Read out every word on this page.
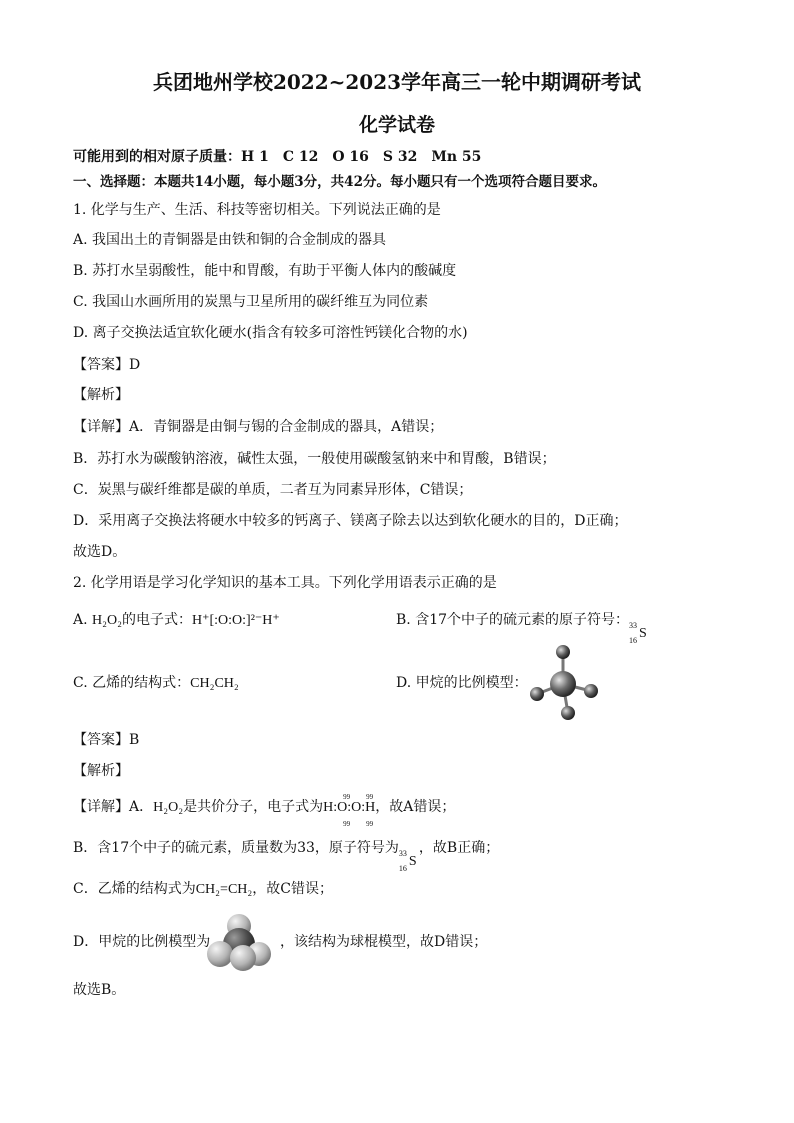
兵团地州学校2022~2023学年高三一轮中期调研考试
化学试卷
可能用到的相对原子质量：H 1　C 12　O 16　S 32　Mn 55
一、选择题：本题共14小题，每小题3分，共42分。每小题只有一个选项符合题目要求。
1. 化学与生产、生活、科技等密切相关。下列说法正确的是
A. 我国出土的青铜器是由铁和铜的合金制成的器具
B. 苏打水呈弱酸性，能中和胃酸，有助于平衡人体内的酸碱度
C. 我国山水画所用的炭黑与卫星所用的碳纤维互为同位素
D. 离子交换法适宜软化硬水(指含有较多可溶性钙镁化合物的水)
【答案】D
【解析】
【详解】A．青铜器是由铜与锡的合金制成的器具，A错误；
B．苏打水为碳酸钠溶液，碱性太强，一般使用碳酸氢钠来中和胃酸，B错误；
C．炭黑与碳纤维都是碳的单质，二者互为同素异形体，C错误；
D．采用离子交换法将硬水中较多的钙离子、镁离子除去以达到软化硬水的目的，D正确；
故选D。
2. 化学用语是学习化学知识的基本工具。下列化学用语表示正确的是
A. H₂O₂的电子式：H⁺[:O:O:]²⁻H⁺	B. 含17个中子的硫元素的原子符号： 33
16 S
C. 乙烯的结构式：CH₂CH₂	D. 甲烷的比例模型：
【答案】B
【解析】
【详解】A．H₂O₂是共价分子，电子式为
99 99
H:O:O:H
99 99
，故A错误；
B．含17个中子的硫元素，质量数为33，原子符号为 33
16 S
，故B正确；
C．乙烯的结构式为CH₂=CH₂，故C错误；
D．甲烷的比例模型为	，该结构为球棍模型，故D错误；
故选B。
